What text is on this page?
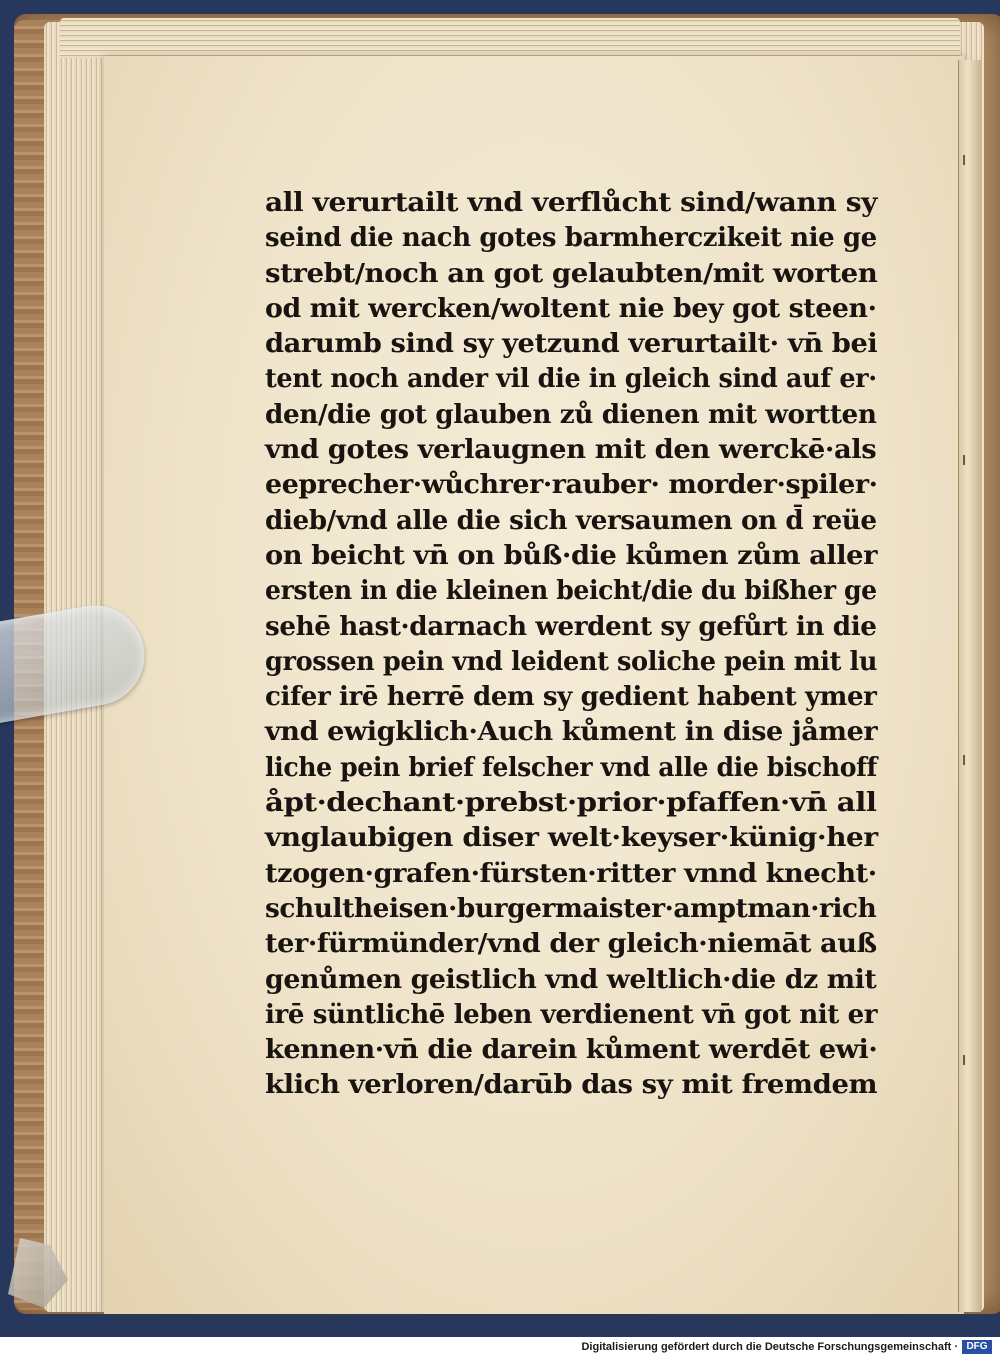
all verurtailt vnd verflůcht sind/wann sy
seind die nach gotes barmherczikeit nie ge
strebt/noch an got gelaubten/mit worten
od mit wercken/woltent nie bey got steen·
darumb sind sy yetzund verurtailt· vn̄ bei
tent noch ander vil die in gleich sind auf er·
den/die got glauben zů dienen mit wortten
vnd gotes verlaugnen mit den werckē·als
eeprecher·wůchrer·rauber· morder·spiler·
dieb/vnd alle die sich versaumen on d̄ reüe
on beicht vn̄ on bůß·die kůmen zům aller
ersten in die kleinen beicht/die du bißher ge
sehē hast·darnach werdent sy gefůrt in die
grossen pein vnd leident soliche pein mit lu
cifer irē herrē dem sy gedient habent ymer
vnd ewigklich·Auch kůment in dise jåmer
liche pein brief felscher vnd alle die bischoff
åpt·dechant·prebst·prior·pfaffen·vn̄ all
vnglaubigen diser welt·keyser·künig·her
tzogen·grafen·fürsten·ritter vnnd knecht·
schultheisen·burgermaister·amptman·rich
ter·fürmünder/vnd der gleich·niemāt auß
genůmen geistlich vnd weltlich·die dz mit
irē süntlichē leben verdienent vn̄ got nit er
kennen·vn̄ die darein kůment werdēt ewi·
klich verloren/darūb das sy mit fremdem
Digitalisierung gefördert durch die Deutsche Forschungsgemeinschaft · DFG
